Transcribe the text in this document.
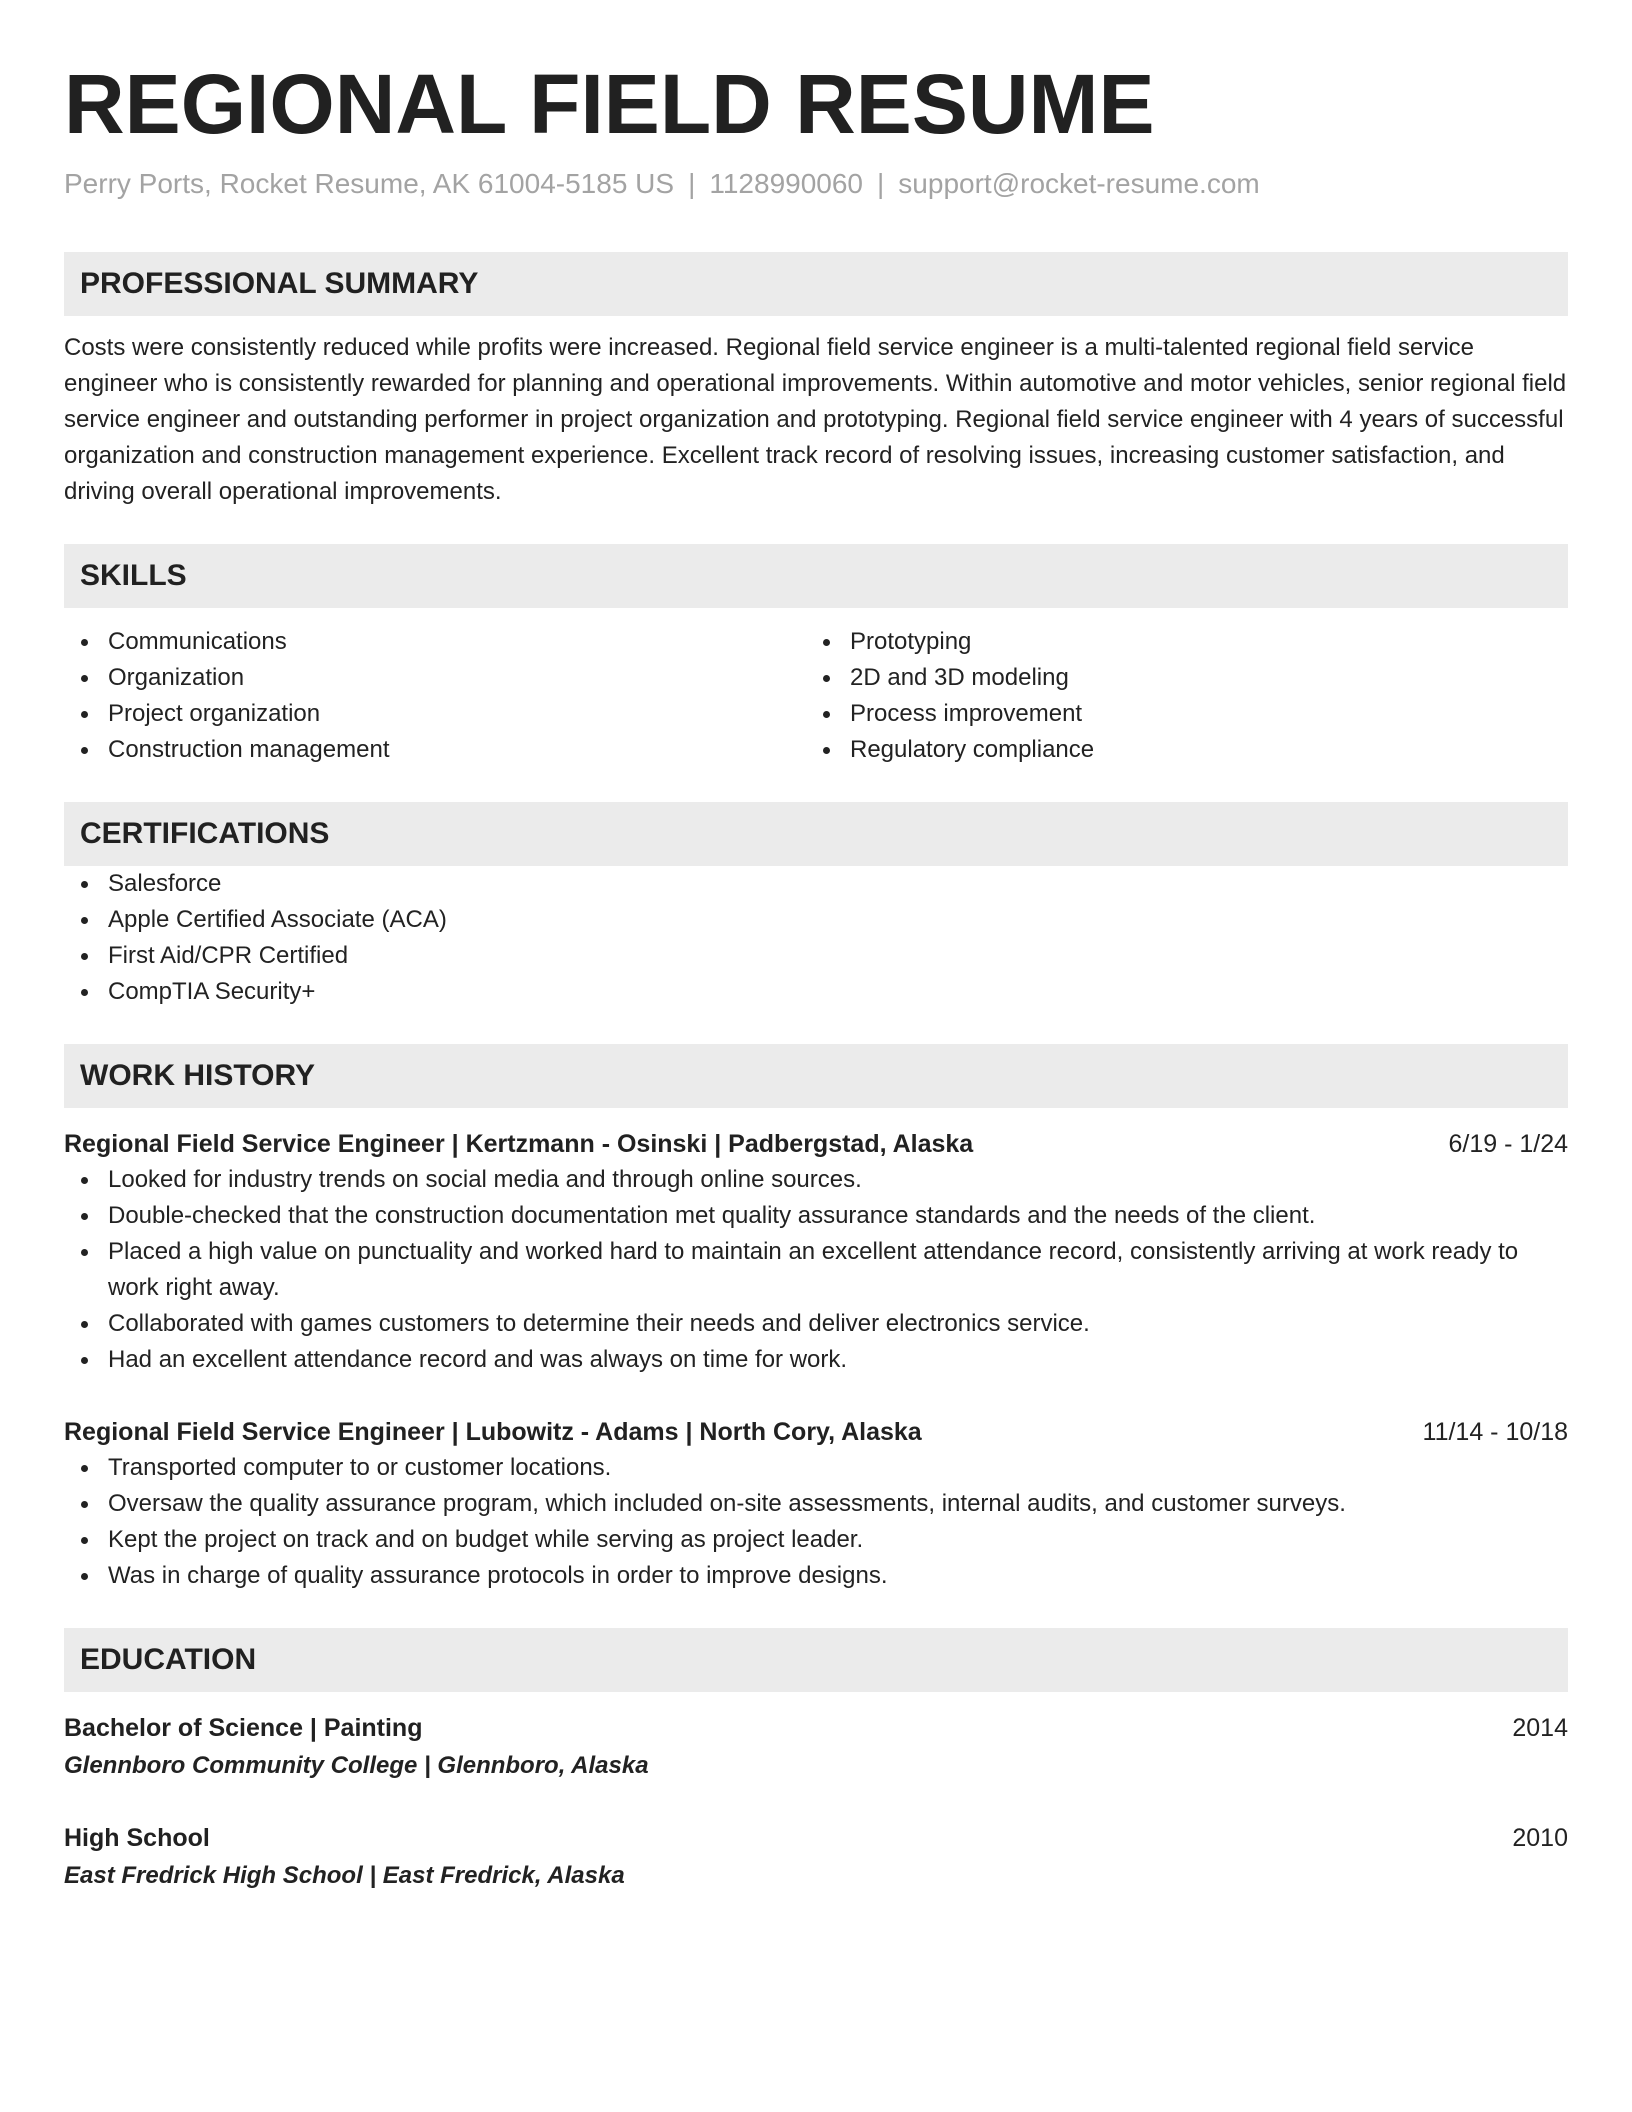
REGIONAL FIELD RESUME
Perry Ports, Rocket Resume, AK 61004-5185 US | 1128990060 | support@rocket-resume.com
PROFESSIONAL SUMMARY

Costs were consistently reduced while profits were increased. Regional field service engineer is a multi-talented regional field service engineer who is consistently rewarded for planning and operational improvements. Within automotive and motor vehicles, senior regional field service engineer and outstanding performer in project organization and prototyping. Regional field service engineer with 4 years of successful organization and construction management experience. Excellent track record of resolving issues, increasing customer satisfaction, and driving overall operational improvements.

SKILLS
Communications
Organization
Project organization
Construction management
Prototyping
2D and 3D modeling
Process improvement
Regulatory compliance
CERTIFICATIONS
Salesforce
Apple Certified Associate (ACA)
First Aid/CPR Certified
CompTIA Security+
WORK HISTORY
Regional Field Service Engineer | Kertzmann - Osinski | Padbergstad, Alaska	6/19 - 1/24
Looked for industry trends on social media and through online sources.
Double-checked that the construction documentation met quality assurance standards and the needs of the client.
Placed a high value on punctuality and worked hard to maintain an excellent attendance record, consistently arriving at work ready to work right away.
Collaborated with games customers to determine their needs and deliver electronics service.
Had an excellent attendance record and was always on time for work.
Regional Field Service Engineer | Lubowitz - Adams | North Cory, Alaska	11/14 - 10/18
Transported computer to or customer locations.
Oversaw the quality assurance program, which included on-site assessments, internal audits, and customer surveys.
Kept the project on track and on budget while serving as project leader.
Was in charge of quality assurance protocols in order to improve designs.
EDUCATION
Bachelor of Science | Painting	2014
Glennboro Community College | Glennboro, Alaska
High School	2010
East Fredrick High School | East Fredrick, Alaska
